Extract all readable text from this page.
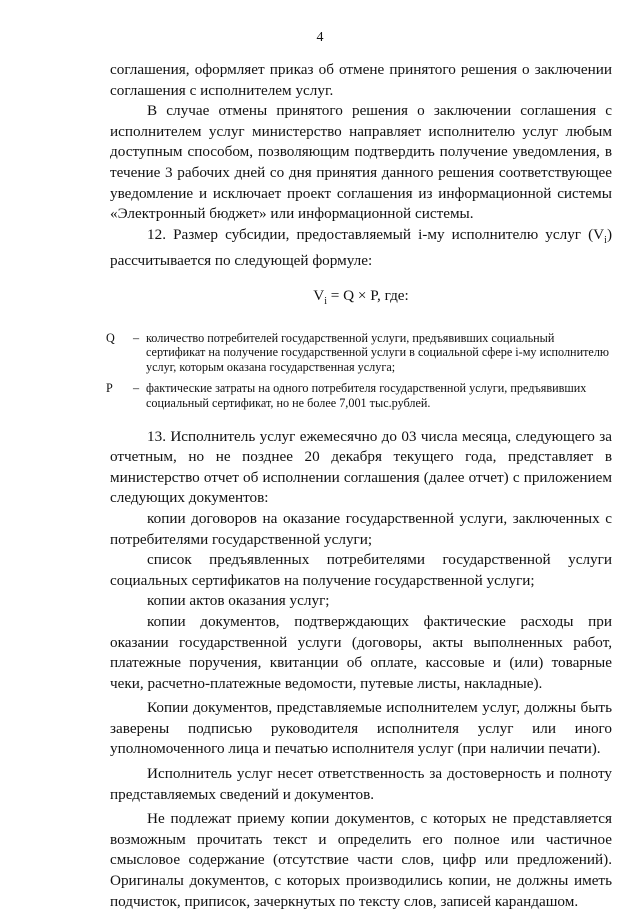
4

соглашения, оформляет приказ об отмене принятого решения о заключении соглашения с исполнителем услуг.

В случае отмены принятого решения о заключении соглашения с исполнителем услуг министерство направляет исполнителю услуг любым доступным способом, позволяющим подтвердить получение уведомления, в течение 3 рабочих дней со дня принятия данного решения соответствующее уведомление и исключает проект соглашения из информационной системы «Электронный бюджет» или информационной системы.

12. Размер субсидии, предоставляемый i-му исполнителю услуг $(V_i)$ рассчитывается по следующей формуле:

$V_i = Q \times P$, где:
Q	– количество потребителей государственной услуги, предъявивших социальный сертификат на получение государственной услуги в социальной сфере i-му исполнителю услуг, которым оказана государственная услуга;
P	– фактические затраты на одного потребителя государственной услуги, предъявивших социальный сертификат, но не более 7,001 тыс.рублей.

13. Исполнитель услуг ежемесячно до 03 числа месяца, следующего за отчетным, но не позднее 20 декабря текущего года, представляет в министерство отчет об исполнении соглашения (далее отчет) с приложением следующих документов:

копии договоров на оказание государственной услуги, заключенных с потребителями государственной услуги;

список предъявленных потребителями государственной услуги социальных сертификатов на получение государственной услуги;

копии актов оказания услуг;

копии документов, подтверждающих фактические расходы при оказании государственной услуги (договоры, акты выполненных работ, платежные поручения, квитанции об оплате, кассовые и (или) товарные чеки, расчетно-платежные ведомости, путевые листы, накладные).

Копии документов, представляемые исполнителем услуг, должны быть заверены подписью руководителя исполнителя услуг или иного уполномоченного лица и печатью исполнителя услуг (при наличии печати).

Исполнитель услуг несет ответственность за достоверность и полноту представляемых сведений и документов.

Не подлежат приему копии документов, с которых не представляется возможным прочитать текст и определить его полное или частичное смысловое содержание (отсутствие части слов, цифр или предложений). Оригиналы документов, с которых производились копии, не должны иметь подчисток, приписок, зачеркнутых по тексту слов, записей карандашом.
